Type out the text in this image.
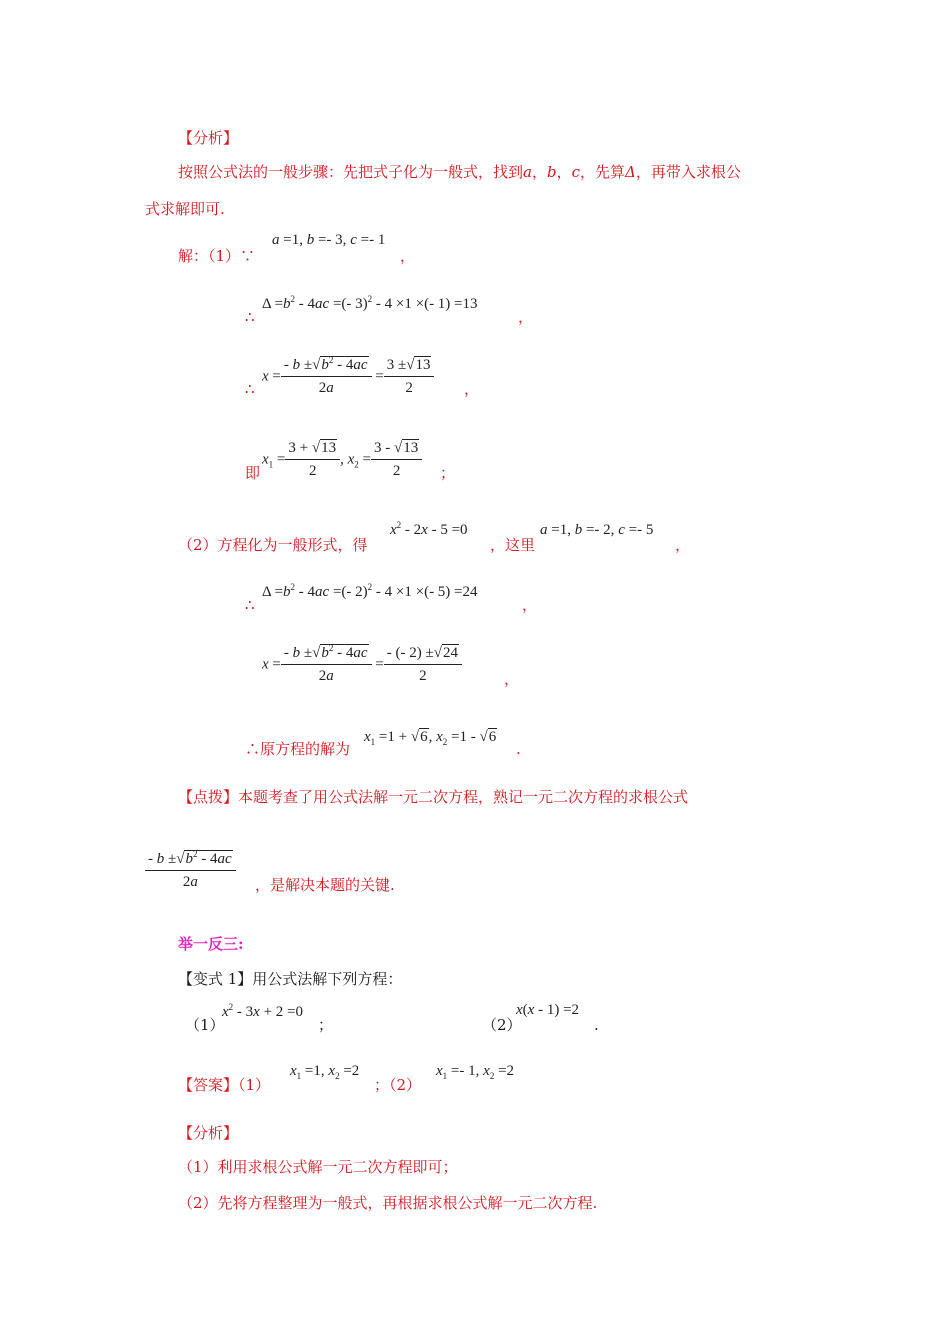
【分析】
按照公式法的一般步骤：先把式子化为一般式，找到a，b，c，先算Δ，再带入求根公
式求解即可.
解：（1）∵
a =1, b =- 3, c =- 1
，
∴
$\Delta =b^2 - 4ac$ =(- 3)$^2$ - 4 ×1 ×(- 1) =13
，
∴
$x = \frac{- b \pm√b^2 - 4ac}{2a} = \frac{3 \pm√13}{2}$ ，
即
$x_1 = \frac{3 + √13}{2}$ , $x_2 = \frac{3 - √13}{2}$ ；
（2）方程化为一般形式，得
$x^2 - 2x - 5 =0$
，这里
a =1, b =- 2, c =- 5
，
∴
$\Delta =b^2 - 4ac$ =(- 2)$^2$ - 4 ×1 ×(- 5) =24
，
$x = \frac{- b \pm√b^2 - 4ac}{2a} = \frac{- (- 2) \pm√24}{2}$	，
∴原方程的解为
$x_1 =1 + √6$, $x_2 =1 - √6$
.
【点拨】本题考查了用公式法解一元二次方程，熟记一元二次方程的求根公式
$\frac{- b \pm√b^2 - 4ac}{2a}$ ，是解决本题的关键.
举一反三:
【变式 1】用公式法解下列方程：
（1）
$x^2 - 3x + 2 =0$
；	（2）
x(x - 1) =2
.
【答案】（1）
$x_1 =1$, $x_2 =2$
；（2）
$x_1 =- 1$, $x_2 =2$
【分析】
（1）利用求根公式解一元二次方程即可；
（2）先将方程整理为一般式，再根据求根公式解一元二次方程.
